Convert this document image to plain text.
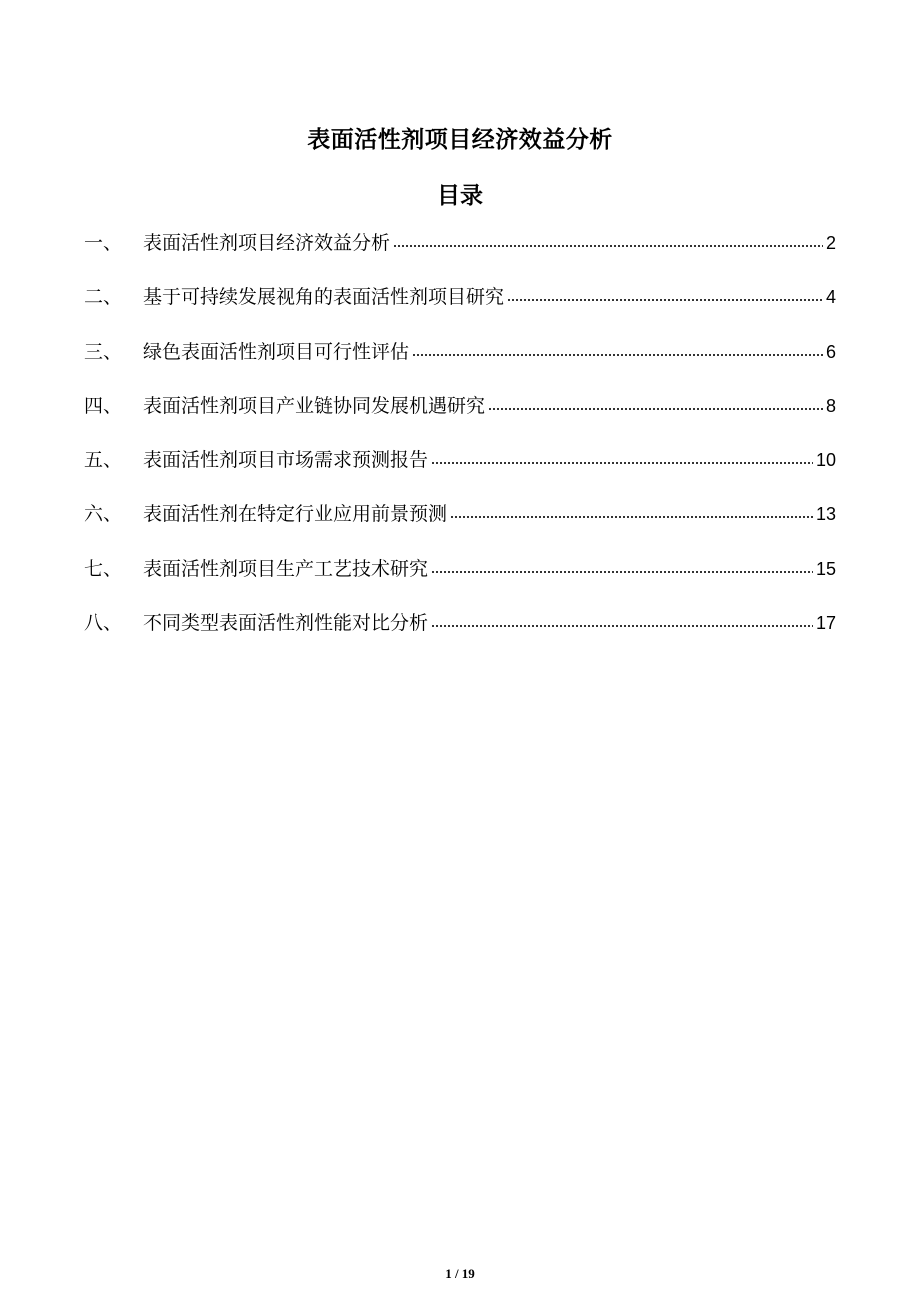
表面活性剂项目经济效益分析
目录
一、	表面活性剂项目经济效益分析	2
二、	基于可持续发展视角的表面活性剂项目研究	4
三、	绿色表面活性剂项目可行性评估	6
四、	表面活性剂项目产业链协同发展机遇研究	8
五、	表面活性剂项目市场需求预测报告	10
六、	表面活性剂在特定行业应用前景预测	13
七、	表面活性剂项目生产工艺技术研究	15
八、	不同类型表面活性剂性能对比分析	17
1 / 19
